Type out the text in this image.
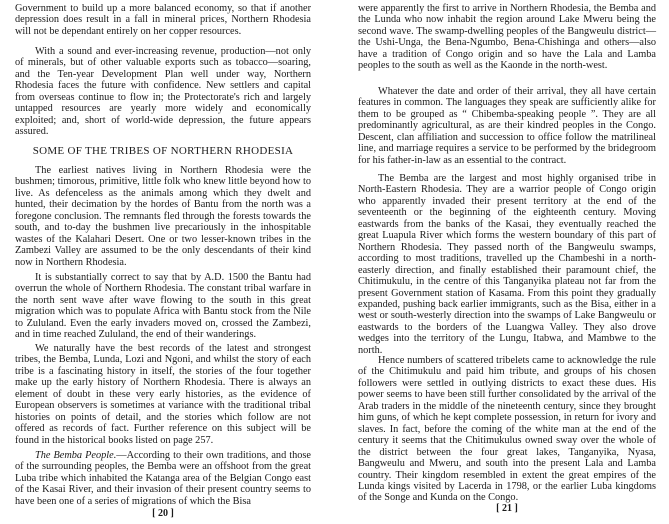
Government to build up a more balanced economy, so that if another depression does result in a fall in mineral prices, Northern Rhodesia will not be dependant entirely on her copper resources.

With a sound and ever-increasing revenue, production—not only of minerals, but of other valuable exports such as tobacco—soaring, and the Ten-year Development Plan well under way, Northern Rhodesia faces the future with confidence. New settlers and capital from overseas continue to flow in; the Protectorate's rich and largely untapped resources are yearly more widely and economically exploited; and, short of world-wide depression, the future appears assured.

SOME OF THE TRIBES OF NORTHERN RHODESIA

The earliest natives living in Northern Rhodesia were the bushmen; timorous, primitive, little folk who knew little beyond how to live. As defenceless as the animals among which they dwelt and hunted, their decimation by the hordes of Bantu from the north was a foregone conclusion. The remnants fled through the forests towards the south, and to-day the bushmen live precariously in the inhospitable wastes of the Kalahari Desert. One or two lesser-known tribes in the Zambezi Valley are assumed to be the only descendants of their kind now in Northern Rhodesia.

It is substantially correct to say that by A.D. 1500 the Bantu had overrun the whole of Northern Rhodesia. The constant tribal warfare in the north sent wave after wave flowing to the south in this great migration which was to populate Africa with Bantu stock from the Nile to Zululand. Even the early invaders moved on, crossed the Zambezi, and in time reached Zululand, the end of their wanderings.

We naturally have the best records of the latest and strongest tribes, the Bemba, Lunda, Lozi and Ngoni, and whilst the story of each tribe is a fascinating history in itself, the stories of the four together make up the early history of Northern Rhodesia. There is always an element of doubt in these very early histories, as the evidence of European observers is sometimes at variance with the traditional tribal histories on points of detail, and the stories which follow are not offered as records of fact. Further reference on this subject will be found in the historical books listed on page 257.

The Bemba People.—According to their own traditions, and those of the surrounding peoples, the Bemba were an offshoot from the great Luba tribe which inhabited the Katanga area of the Belgian Congo east of the Kasai River, and their invasion of their present country seems to have been one of a series of migrations of which the Bisa

[ 20 ]

were apparently the first to arrive in Northern Rhodesia, the Bemba and the Lunda who now inhabit the region around Lake Mweru being the second wave. The swamp-dwelling peoples of the Bangweulu district—the Ushi-Unga, the Bena-Ngumbo, Bena-Chishinga and others—also have a tradition of Congo origin and so have the Lala and Lamba peoples to the south as well as the Kaonde in the north-west.

Whatever the date and order of their arrival, they all have certain features in common. The languages they speak are sufficiently alike for them to be grouped as “ Chibemba-speaking people ”. They are all predominantly agricultural, as are their kindred peoples in the Congo. Descent, clan affiliation and succession to office follow the matrilineal line, and marriage requires a service to be performed by the bridegroom for his father-in-law as an essential to the contract.

The Bemba are the largest and most highly organised tribe in North-Eastern Rhodesia. They are a warrior people of Congo origin who apparently invaded their present territory at the end of the seventeenth or the beginning of the eighteenth century. Moving eastwards from the banks of the Kasai, they eventually reached the great Luapula River which forms the western boundary of this part of Northern Rhodesia. They passed north of the Bangweulu swamps, according to most traditions, travelled up the Chambeshi in a north-easterly direction, and finally established their paramount chief, the Chitimukulu, in the centre of this Tanganyika plateau not far from the present Government station of Kasama. From this point they gradually expanded, pushing back earlier immigrants, such as the Bisa, either in a west or south-westerly direction into the swamps of Lake Bangweulu or eastwards to the borders of the Luangwa Valley. They also drove wedges into the territory of the Lungu, Itabwa, and Mambwe to the north.

Hence numbers of scattered tribelets came to acknowledge the rule of the Chitimukulu and paid him tribute, and groups of his chosen followers were settled in outlying districts to exact these dues. His power seems to have been still further consolidated by the arrival of the Arab traders in the middle of the nineteenth century, since they brought him guns, of which he kept complete possession, in return for ivory and slaves. In fact, before the coming of the white man at the end of the century it seems that the Chitimukulus owned sway over the whole of the district between the four great lakes, Tanganyika, Nyasa, Bangweulu and Mweru, and south into the present Lala and Lamba country. Their kingdom resembled in extent the great empires of the Lunda kings visited by Lacerda in 1798, or the earlier Luba kingdoms of the Songe and Kunda on the Congo.

[ 21 ]
